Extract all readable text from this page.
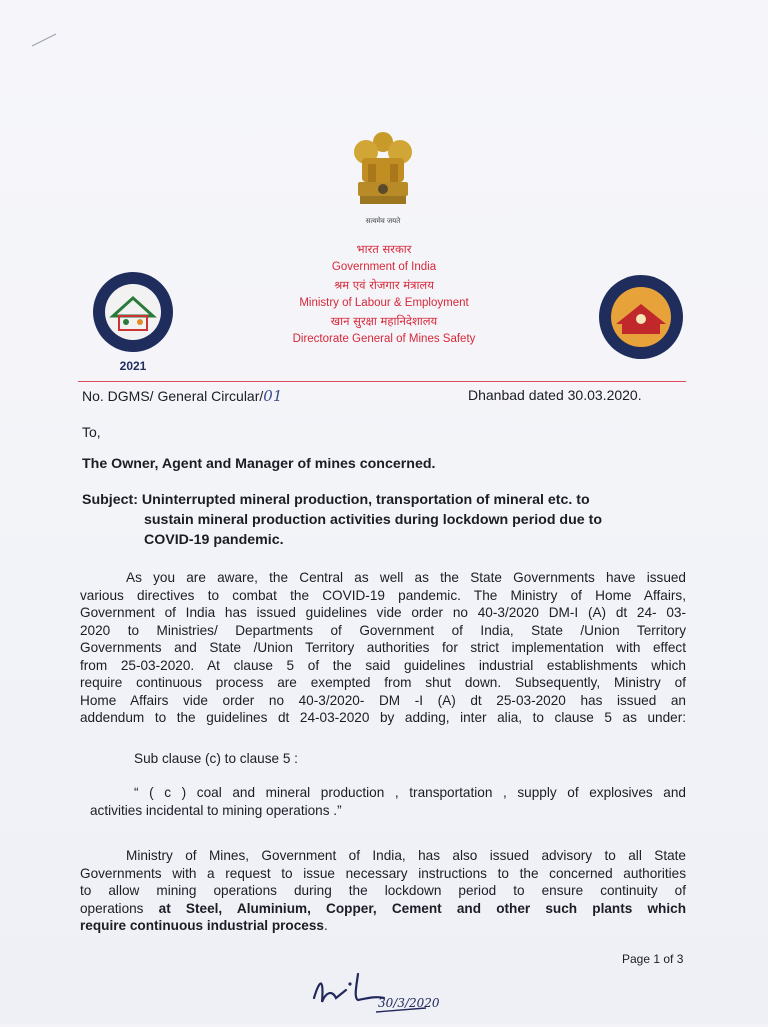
सत्यमेव जयते
भारत सरकार
Government of India
श्रम एवं रोजगार मंत्रालय
Ministry of Labour & Employment
खान सुरक्षा महानिदेशालय
Directorate General of Mines Safety
2021
No. DGMS/ General Circular/01	Dhanbad dated 30.03.2020.
To,
The Owner, Agent and Manager of mines concerned.
Subject: Uninterrupted mineral production, transportation of mineral etc. to
sustain mineral production activities during lockdown period due to
COVID-19 pandemic.
As you are aware, the Central as well as the State Governments have issued
various directives to combat the COVID-19 pandemic. The Ministry of Home Affairs,
Government of India has issued guidelines vide order no 40-3/2020 DM-I (A) dt 24- 03-
2020 to Ministries/ Departments of Government of India, State /Union Territory
Governments and State /Union Territory authorities for strict implementation with effect
from 25-03-2020. At clause 5 of the said guidelines industrial establishments which
require continuous process are exempted from shut down. Subsequently, Ministry of
Home Affairs vide order no 40-3/2020- DM -I (A) dt 25-03-2020 has issued an
addendum to the guidelines dt 24-03-2020 by adding, inter alia, to clause 5 as under:
Sub clause (c) to clause 5 :
“ ( c ) coal and mineral production , transportation , supply of explosives and
activities incidental to mining operations .”
Ministry of Mines, Government of India, has also issued advisory to all State
Governments with a request to issue necessary instructions to the concerned authorities
to allow mining operations during the lockdown period to ensure continuity of
operations at Steel, Aluminium, Copper, Cement and other such plants which
require continuous industrial process.
Page 1 of 3
30/3/2020
